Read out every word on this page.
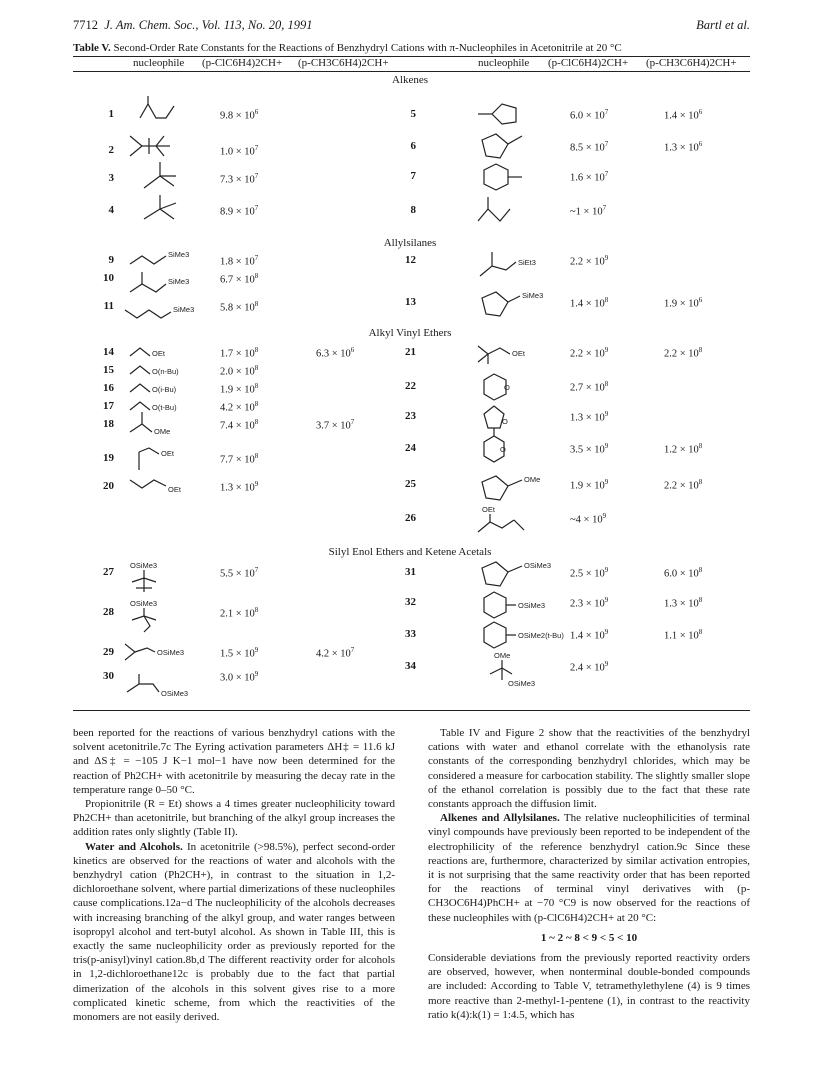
7712 J. Am. Chem. Soc., Vol. 113, No. 20, 1991	Bartl et al.
Table V. Second-Order Rate Constants for the Reactions of Benzhydryl Cations with π-Nucleophiles in Acetonitrile at 20 °C
nucleophile (p-ClC6H4)2CH+ (p-CH3C6H4)2CH+	nucleophile (p-ClC6H4)2CH+ (p-CH3C6H4)2CH+
Alkenes
Allylsilanes
Alkyl Vinyl Ethers
Silyl Enol Ethers and Ketene Acetals
1	$9.8 \times 10^6$
2	$1.0 \times 10^7$
3	$7.3 \times 10^7$
4	$8.9 \times 10^7$
5	$6.0 \times 10^7$	$1.4 \times 10^6$
6	$8.5 \times 10^7$	$1.3 \times 10^6$
7	$1.6 \times 10^7$
8	~1 × $10^7$
9	$1.8 \times 10^7$
10	$6.7 \times 10^8$
11	$5.8 \times 10^8$
12	$2.2 \times 10^9$
13	$1.4 \times 10^8$	$1.9 \times 10^6$
14	$1.7 \times 10^8$	$6.3 \times 10^6$
15	$2.0 \times 10^8$
16	$1.9 \times 10^8$
17	$4.2 \times 10^8$
18	$7.4 \times 10^8$	$3.7 \times 10^7$
19	$7.7 \times 10^8$
20	$1.3 \times 10^9$
21	$2.2 \times 10^9$	$2.2 \times 10^8$
22	$2.7 \times 10^8$
23	$1.3 \times 10^9$
24	$3.5 \times 10^9$	$1.2 \times 10^8$
25	$1.9 \times 10^9$	$2.2 \times 10^8$
26	~4 × $10^9$
27	$5.5 \times 10^7$
28	$2.1 \times 10^8$
29	$1.5 \times 10^9$	$4.2 \times 10^7$
30	$3.0 \times 10^9$
31	$2.5 \times 10^9$	$6.0 \times 10^8$
32	$2.3 \times 10^9$	$1.3 \times 10^8$
33	$1.4 \times 10^9$	$1.1 \times 10^8$
34	$2.4 \times 10^9$
SiMe3
SiMe3
SiMe3
SiEt3
SiMe3
OEt
O(n-Bu)
O(i-Bu)
O(t-Bu)
OMe
OEt
OEt
OEt
O
O
O
OMe
OEt
OSiMe3
OSiMe3
OSiMe3
OSiMe3
OSiMe3
OSiMe3
OSiMe2(t-Bu)
OMe
OSiMe3

been reported for the reactions of various benzhydryl cations with the solvent acetonitrile.7c The Eyring activation parameters ΔH‡ = 11.6 kJ and ΔS‡ = −105 J K−1 mol−1 have now been determined for the reaction of Ph2CH+ with acetonitrile by measuring the decay rate in the temperature range 0–50 °C.

Propionitrile (R = Et) shows a 4 times greater nucleophilicity toward Ph2CH+ than acetonitrile, but branching of the alkyl group increases the addition rates only slightly (Table II).

Water and Alcohols. In acetonitrile (>98.5%), perfect second-order kinetics are observed for the reactions of water and alcohols with the benzhydryl cation (Ph2CH+), in contrast to the situation in 1,2-dichloroethane solvent, where partial dimerizations of these nucleophiles cause complications.12a−d The nucleophilicity of the alcohols decreases with increasing branching of the alkyl group, and water ranges between isopropyl alcohol and tert-butyl alcohol. As shown in Table III, this is exactly the same nucleophilicity order as previously reported for the tris(p-anisyl)vinyl cation.8b,d The different reactivity order for alcohols in 1,2-dichloroethane12c is probably due to the fact that partial dimerization of the alcohols in this solvent gives rise to a more complicated kinetic scheme, from which the reactivities of the monomers are not easily derived.

Table IV and Figure 2 show that the reactivities of the benzhydryl cations with water and ethanol correlate with the ethanolysis rate constants of the corresponding benzhydryl chlorides, which may be considered a measure for carbocation stability. The slightly smaller slope of the ethanol correlation is possibly due to the fact that these rate constants approach the diffusion limit.

Alkenes and Allylsilanes. The relative nucleophilicities of terminal vinyl compounds have previously been reported to be independent of the electrophilicity of the reference benzhydryl cation.9c Since these reactions are, furthermore, characterized by similar activation entropies, it is not surprising that the same reactivity order that has been reported for the reactions of terminal vinyl derivatives with (p-CH3OC6H4)PhCH+ at −70 °C9 is now observed for the reactions of these nucleophiles with (p-ClC6H4)2CH+ at 20 °C:

1 ~ 2 ~ 8 < 9 < 5 < 10

Considerable deviations from the previously reported reactivity orders are observed, however, when nonterminal double-bonded compounds are included: According to Table V, tetramethylethylene (4) is 9 times more reactive than 2-methyl-1-pentene (1), in contrast to the reactivity ratio k(4):k(1) = 1:4.5, which has
